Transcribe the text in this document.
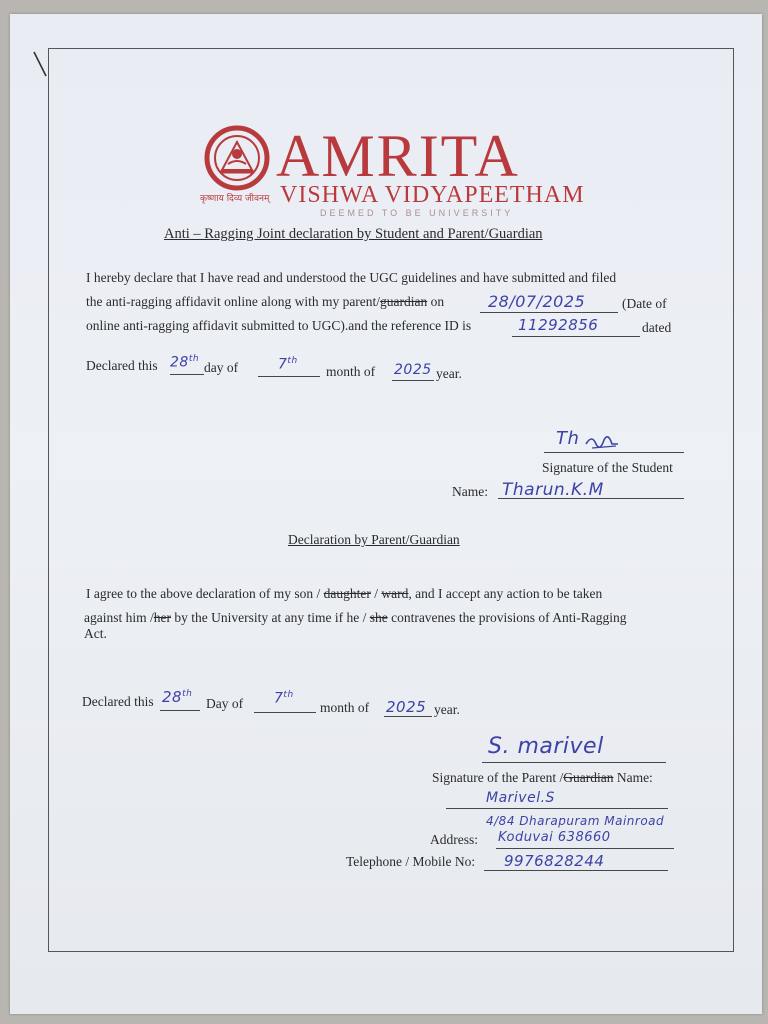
AMRITA
VISHWA VIDYAPEETHAM
कृष्णाय दिव्य जीवनम्
DEEMED TO BE UNIVERSITY
Anti – Ragging Joint declaration by Student and Parent/Guardian
I hereby declare that I have read and understood the UGC guidelines and have submitted and filed
the anti-ragging affidavit online along with my parent/guardian on	28/07/2025	(Date of
online anti-ragging affidavit submitted to UGC).and the reference ID is	11292856	dated
Declared this 28th
day of	7th
month of 2025 year.
Th
Signature of the Student
Name: Tharun.K.M
Declaration by Parent/Guardian
I agree to the above declaration of my son / daughter / ward, and I accept any action to be taken
against him /her by the University at any time if he / she contravenes the provisions of Anti-Ragging
Act.
Declared this 28th
Day of 7th
month of 2025 year.
S. marivel
Signature of the Parent /Guardian Name:
Marivel.S
4/84 Dharapuram Mainroad
Address: Koduvai 638660
Telephone / Mobile No: 9976828244
